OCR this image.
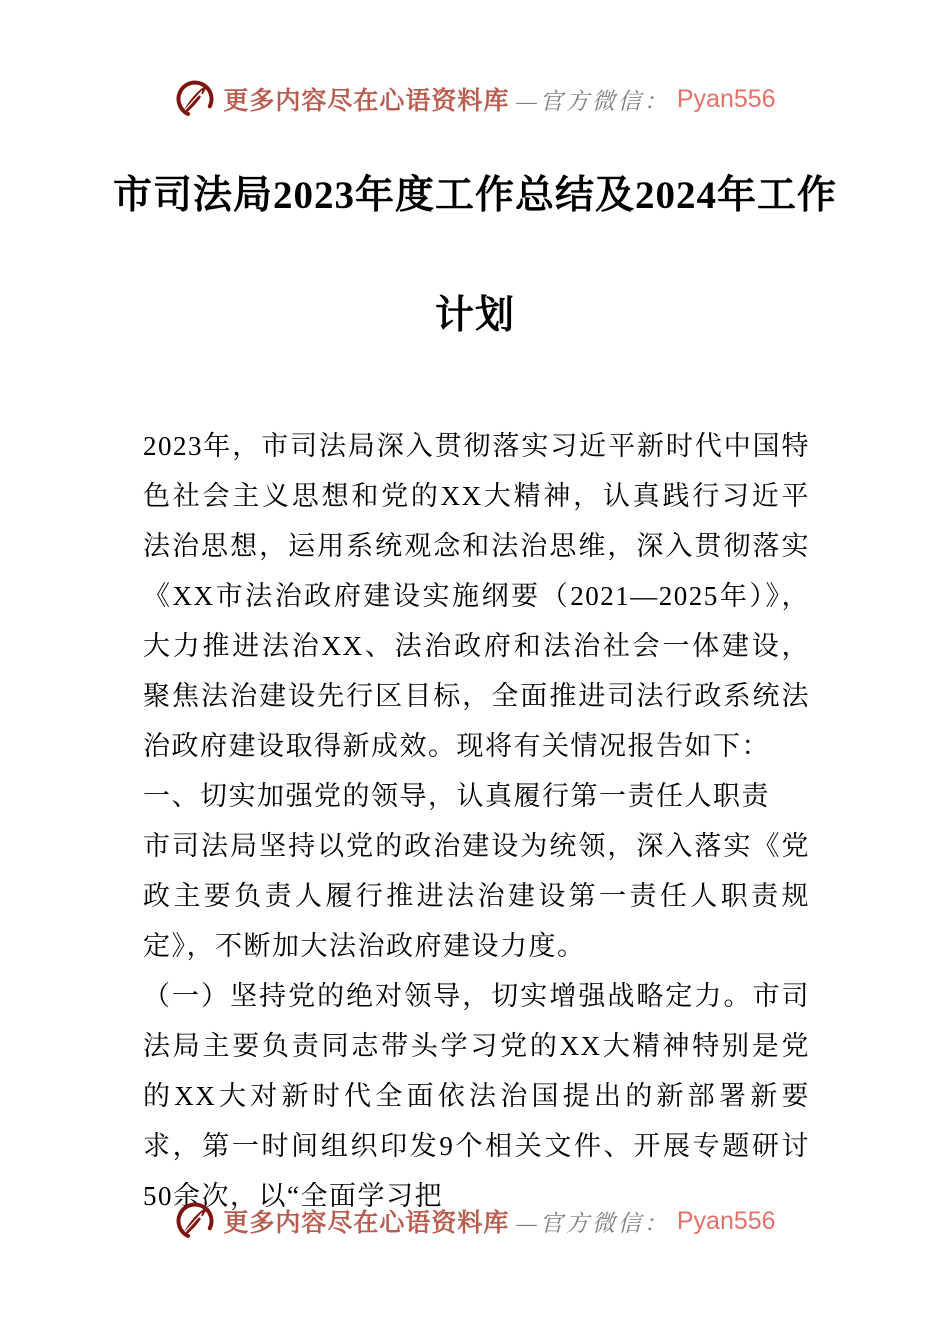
更多内容尽在心语资料库 —官方微信： Pyan556
市司法局2023年度工作总结及2024年工作
计划

2023年，市司法局深入贯彻落实习近平新时代中国特色社会主义思想和党的XX大精神，认真践行习近平法治思想，运用系统观念和法治思维，深入贯彻落实《XX市法治政府建设实施纲要（2021—2025年）》，大力推进法治XX、法治政府和法治社会一体建设，聚焦法治建设先行区目标，全面推进司法行政系统法治政府建设取得新成效。现将有关情况报告如下：

一、切实加强党的领导，认真履行第一责任人职责

市司法局坚持以党的政治建设为统领，深入落实《党政主要负责人履行推进法治建设第一责任人职责规定》，不断加大法治政府建设力度。

（一）坚持党的绝对领导，切实增强战略定力。市司法局主要负责同志带头学习党的XX大精神特别是党的XX大对新时代全面依法治国提出的新部署新要求，第一时间组织印发9个相关文件、开展专题研讨50余次，以“全面学习把

更多内容尽在心语资料库 —官方微信： Pyan556
